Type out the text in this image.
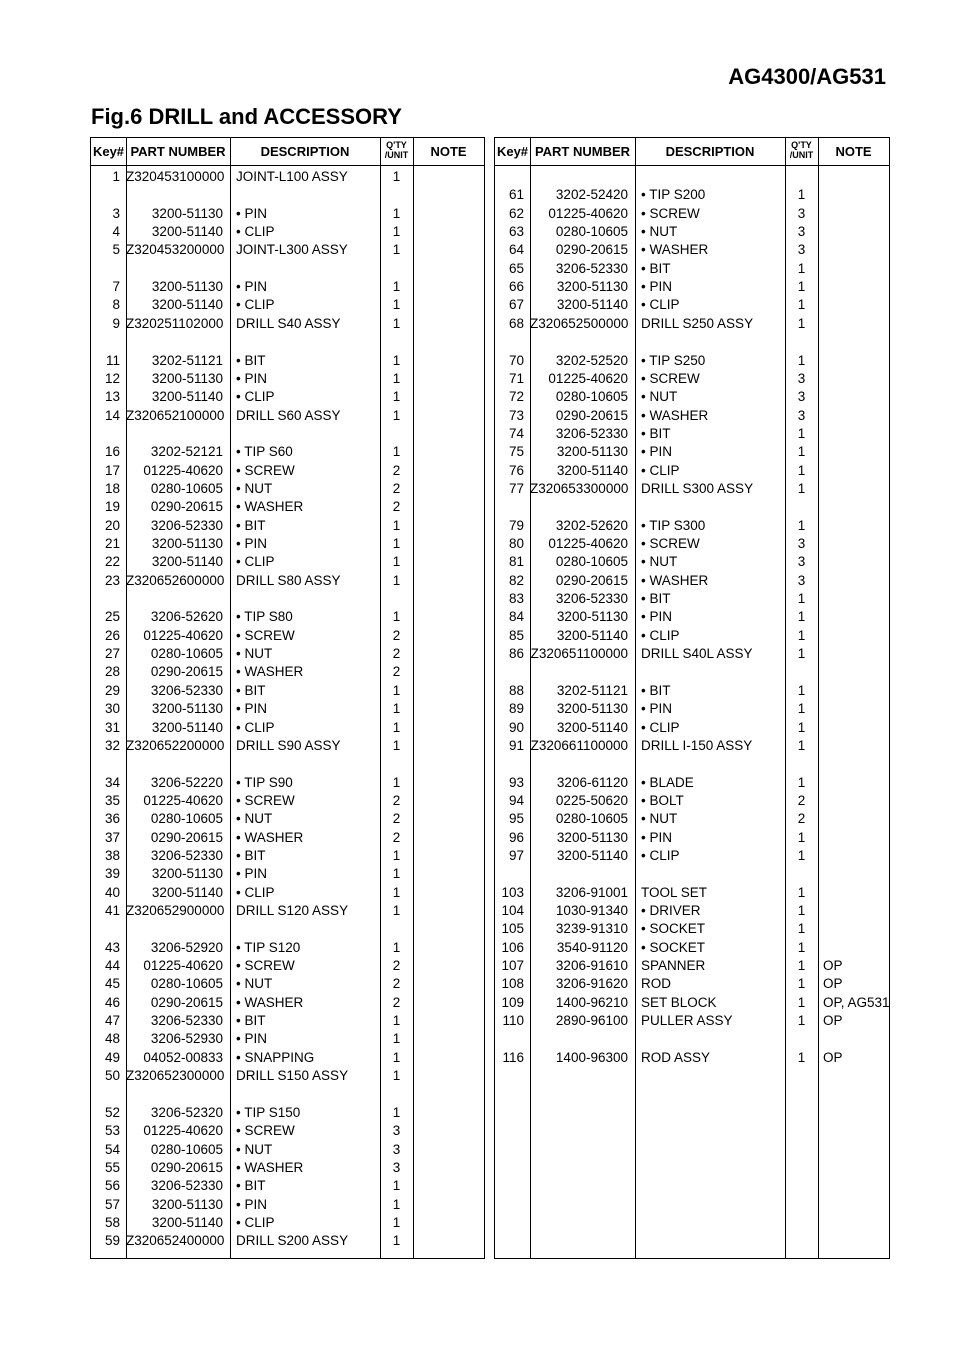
AG4300/AG531
Fig.6 DRILL and ACCESSORY
Key# PART NUMBER	DESCRIPTION	Q'TY
/UNIT	NOTE
1 Z320453100000 JOINT-L100 ASSY	1
3	3200-51130 • PIN	1
4	3200-51140 • CLIP	1
5 Z320453200000 JOINT-L300 ASSY	1
7	3200-51130 • PIN	1
8	3200-51140 • CLIP	1
9 Z320251102000 DRILL S40 ASSY	1
11	3202-51121 • BIT	1
12	3200-51130 • PIN	1
13	3200-51140 • CLIP	1
14 Z320652100000 DRILL S60 ASSY	1
16	3202-52121 • TIP S60	1
17	01225-40620 • SCREW	2
18	0280-10605 • NUT	2
19	0290-20615 • WASHER	2
20	3206-52330 • BIT	1
21	3200-51130 • PIN	1
22	3200-51140 • CLIP	1
23 Z320652600000 DRILL S80 ASSY	1
25	3206-52620 • TIP S80	1
26	01225-40620 • SCREW	2
27	0280-10605 • NUT	2
28	0290-20615 • WASHER	2
29	3206-52330 • BIT	1
30	3200-51130 • PIN	1
31	3200-51140 • CLIP	1
32 Z320652200000 DRILL S90 ASSY	1
34	3206-52220 • TIP S90	1
35	01225-40620 • SCREW	2
36	0280-10605 • NUT	2
37	0290-20615 • WASHER	2
38	3206-52330 • BIT	1
39	3200-51130 • PIN	1
40	3200-51140 • CLIP	1
41 Z320652900000 DRILL S120 ASSY	1
43	3206-52920 • TIP S120	1
44	01225-40620 • SCREW	2
45	0280-10605 • NUT	2
46	0290-20615 • WASHER	2
47	3206-52330 • BIT	1
48	3206-52930 • PIN	1
49	04052-00833 • SNAPPING	1
50 Z320652300000 DRILL S150 ASSY	1
52	3206-52320 • TIP S150	1
53	01225-40620 • SCREW	3
54	0280-10605 • NUT	3
55	0290-20615 • WASHER	3
56	3206-52330 • BIT	1
57	3200-51130 • PIN	1
58	3200-51140 • CLIP	1
59 Z320652400000 DRILL S200 ASSY	1
Key# PART NUMBER	DESCRIPTION	Q'TY
/UNIT	NOTE
61	3202-52420 • TIP S200	1
62	01225-40620 • SCREW	3
63	0280-10605 • NUT	3
64	0290-20615 • WASHER	3
65	3206-52330 • BIT	1
66	3200-51130 • PIN	1
67	3200-51140 • CLIP	1
68 Z320652500000 DRILL S250 ASSY	1
70	3202-52520 • TIP S250	1
71	01225-40620 • SCREW	3
72	0280-10605 • NUT	3
73	0290-20615 • WASHER	3
74	3206-52330 • BIT	1
75	3200-51130 • PIN	1
76	3200-51140 • CLIP	1
77 Z320653300000 DRILL S300 ASSY	1
79	3202-52620 • TIP S300	1
80	01225-40620 • SCREW	3
81	0280-10605 • NUT	3
82	0290-20615 • WASHER	3
83	3206-52330 • BIT	1
84	3200-51130 • PIN	1
85	3200-51140 • CLIP	1
86 Z320651100000 DRILL S40L ASSY	1
88	3202-51121 • BIT	1
89	3200-51130 • PIN	1
90	3200-51140 • CLIP	1
91 Z320661100000 DRILL I-150 ASSY	1
93	3206-61120 • BLADE	1
94	0225-50620 • BOLT	2
95	0280-10605 • NUT	2
96	3200-51130 • PIN	1
97	3200-51140 • CLIP	1
103	3206-91001 TOOL SET	1
104	1030-91340 • DRIVER	1
105	3239-91310 • SOCKET	1
106	3540-91120 • SOCKET	1
107	3206-91610 SPANNER	1	OP
108	3206-91620 ROD	1	OP
109	1400-96210 SET BLOCK	1	OP, AG531
110	2890-96100 PULLER ASSY	1	OP
116	1400-96300 ROD ASSY	1	OP
